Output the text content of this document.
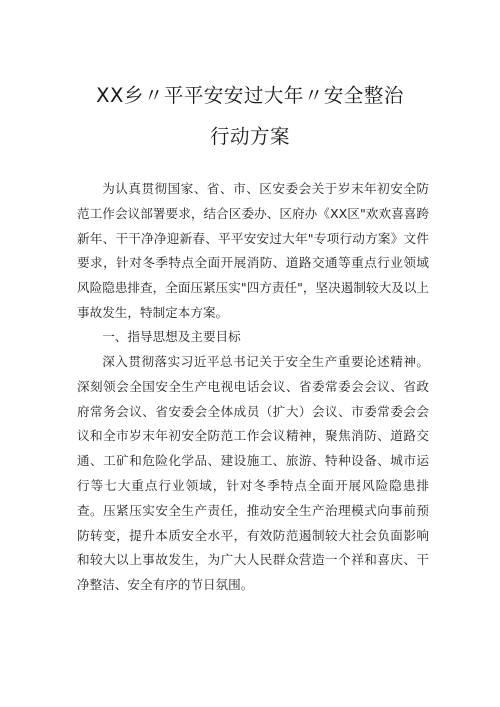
XX乡〃平平安安过大年〃安全整治
行动方案

为认真贯彻国家、省、市、区安委会关于岁末年初安全防范工作会议部署要求，结合区委办、区府办《XX区"欢欢喜喜跨新年、干干净净迎新春、平平安安过大年"专项行动方案》文件要求，针对冬季特点全面开展消防、道路交通等重点行业领域风险隐患排查，全面压紧压实"四方责任"，坚决遏制较大及以上事故发生，特制定本方案。

一、指导思想及主要目标

深入贯彻落实习近平总书记关于安全生产重要论述精神。深刻领会全国安全生产电视电话会议、省委常委会会议、省政府常务会议、省安委会全体成员（扩大）会议、市委常委会会议和全市岁末年初安全防范工作会议精神，聚焦消防、道路交通、工矿和危险化学品、建设施工、旅游、特种设备、城市运行等七大重点行业领域，针对冬季特点全面开展风险隐患排查。压紧压实安全生产责任，推动安全生产治理模式向事前预防转变，提升本质安全水平，有效防范遏制较大社会负面影响和较大以上事故发生，为广大人民群众营造一个祥和喜庆、干净整洁、安全有序的节日氛围。
